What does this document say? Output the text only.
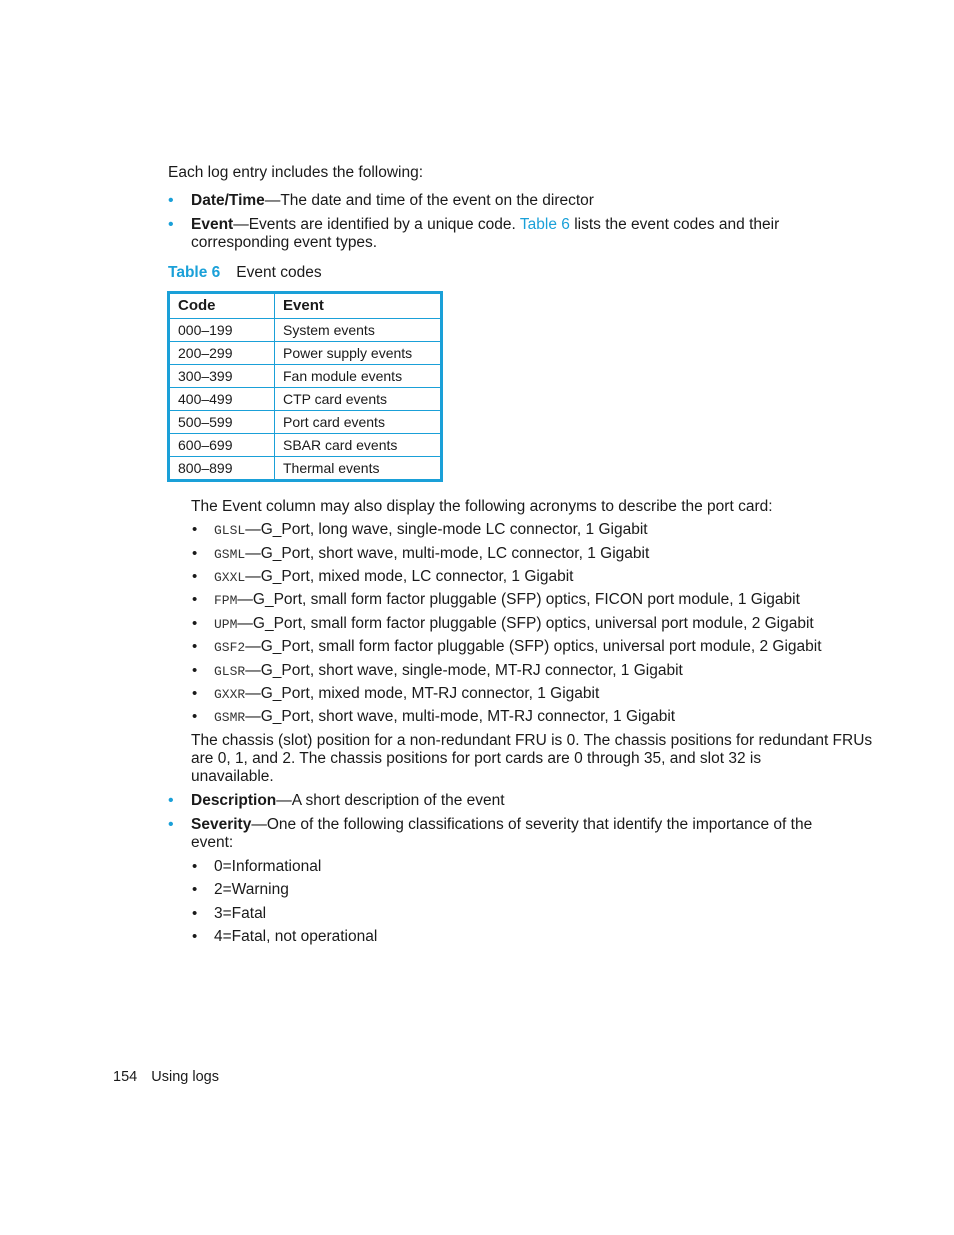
Each log entry includes the following:
• Date/Time—The date and time of the event on the director
• Event—Events are identified by a unique code. Table 6 lists the event codes and their
corresponding event types.
Table 6 Event codes
Code	Event
000–199	System events
200–299	Power supply events
300–399	Fan module events
400–499	CTP card events
500–599	Port card events
600–699	SBAR card events
800–899	Thermal events
The Event column may also display the following acronyms to describe the port card:
• GLSL—G_Port, long wave, single-mode LC connector, 1 Gigabit
• GSML—G_Port, short wave, multi-mode, LC connector, 1 Gigabit
• GXXL—G_Port, mixed mode, LC connector, 1 Gigabit
• FPM—G_Port, small form factor pluggable (SFP) optics, FICON port module, 1 Gigabit
• UPM—G_Port, small form factor pluggable (SFP) optics, universal port module, 2 Gigabit
• GSF2—G_Port, small form factor pluggable (SFP) optics, universal port module, 2 Gigabit
• GLSR—G_Port, short wave, single-mode, MT-RJ connector, 1 Gigabit
• GXXR—G_Port, mixed mode, MT-RJ connector, 1 Gigabit
• GSMR—G_Port, short wave, multi-mode, MT-RJ connector, 1 Gigabit
The chassis (slot) position for a non-redundant FRU is 0. The chassis positions for redundant FRUs
are 0, 1, and 2. The chassis positions for port cards are 0 through 35, and slot 32 is
unavailable.
• Description—A short description of the event
• Severity—One of the following classifications of severity that identify the importance of the
event:
• 0=Informational
• 2=Warning
• 3=Fatal
• 4=Fatal, not operational
154 Using logs
